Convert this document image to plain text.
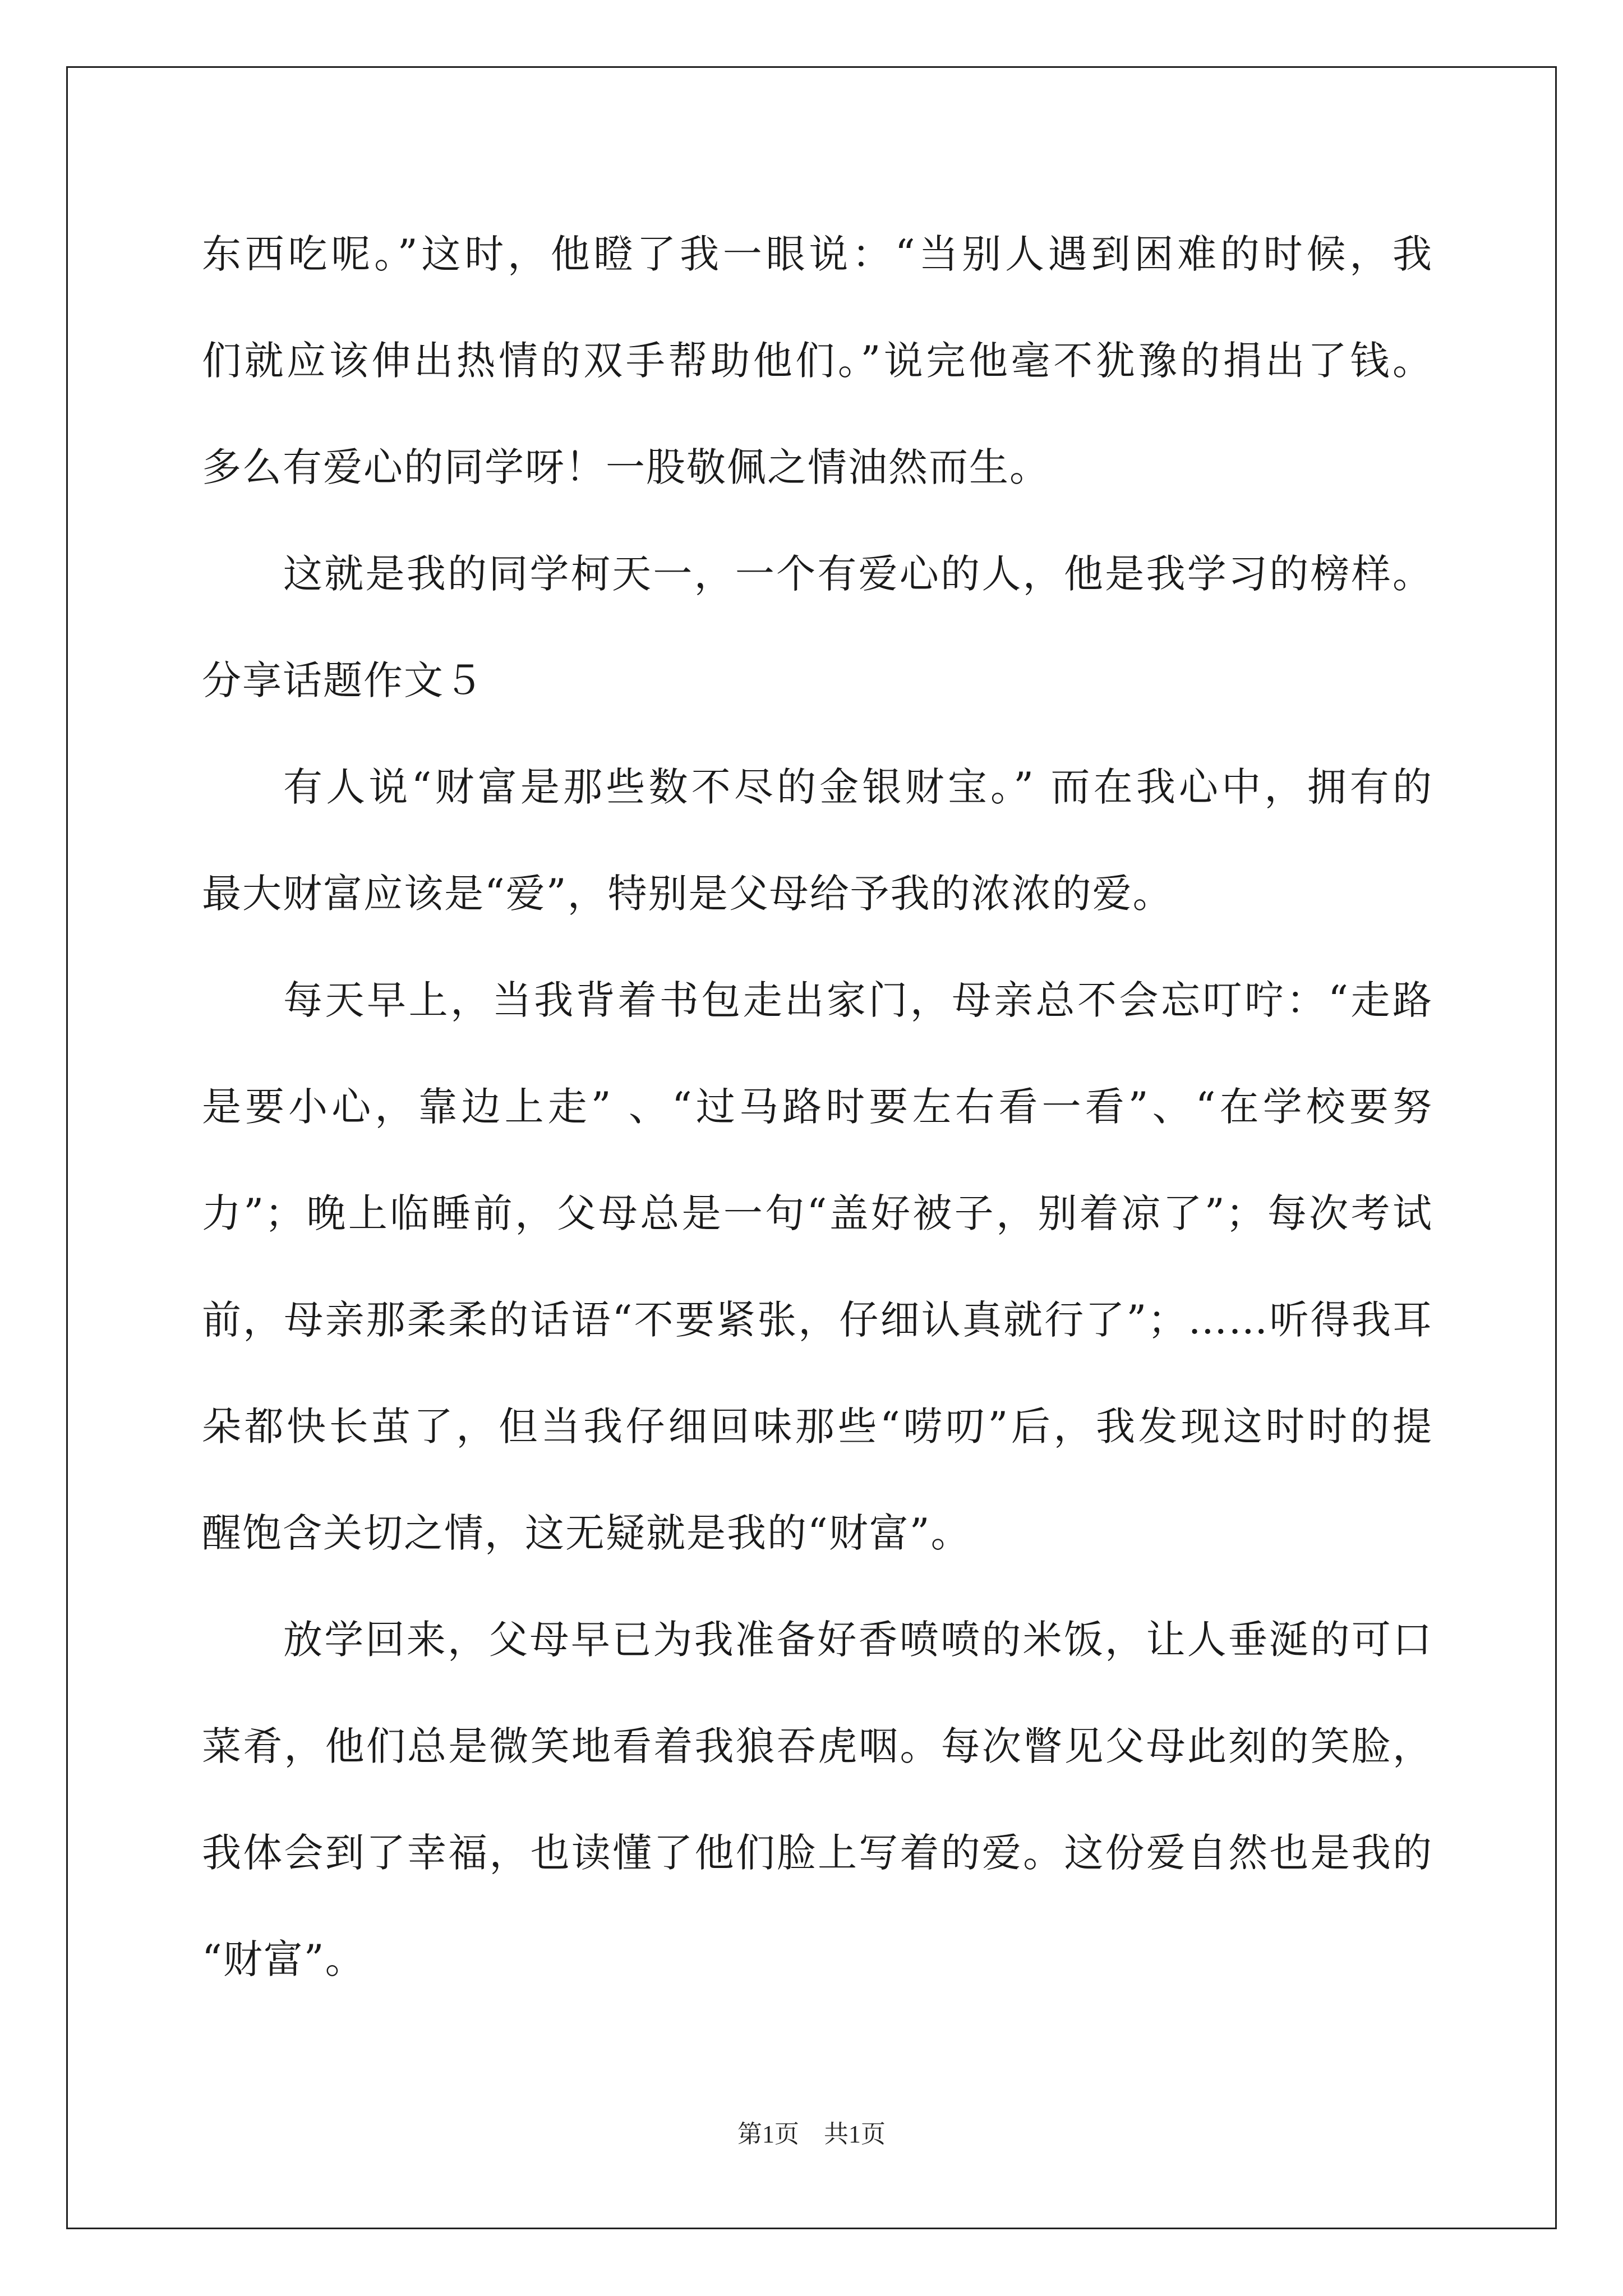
东西吃呢。”这时，他瞪了我一眼说：“当别人遇到困难的时候，我
们就应该伸出热情的双手帮助他们。”说完他毫不犹豫的捐出了钱。
多么有爱心的同学呀！一股敬佩之情油然而生。
这就是我的同学柯天一，一个有爱心的人，他是我学习的榜样。
分享话题作文５
有人说“财富是那些数不尽的金银财宝。” 而在我心中，拥有的
最大财富应该是“爱”，特别是父母给予我的浓浓的爱。
每天早上，当我背着书包走出家门，母亲总不会忘叮咛：“走路
是要小心，靠边上走” 、“过马路时要左右看一看”、“在学校要努
力”；晚上临睡前，父母总是一句“盖好被子，别着凉了”；每次考试
前，母亲那柔柔的话语“不要紧张，仔细认真就行了”；……听得我耳
朵都快长茧了，但当我仔细回味那些“唠叨”后，我发现这时时的提
醒饱含关切之情，这无疑就是我的“财富”。
放学回来，父母早已为我准备好香喷喷的米饭，让人垂涎的可口
菜肴，他们总是微笑地看着我狼吞虎咽。每次瞥见父母此刻的笑脸，
我体会到了幸福，也读懂了他们脸上写着的爱。这份爱自然也是我的
“财富”。
第1页　共1页
